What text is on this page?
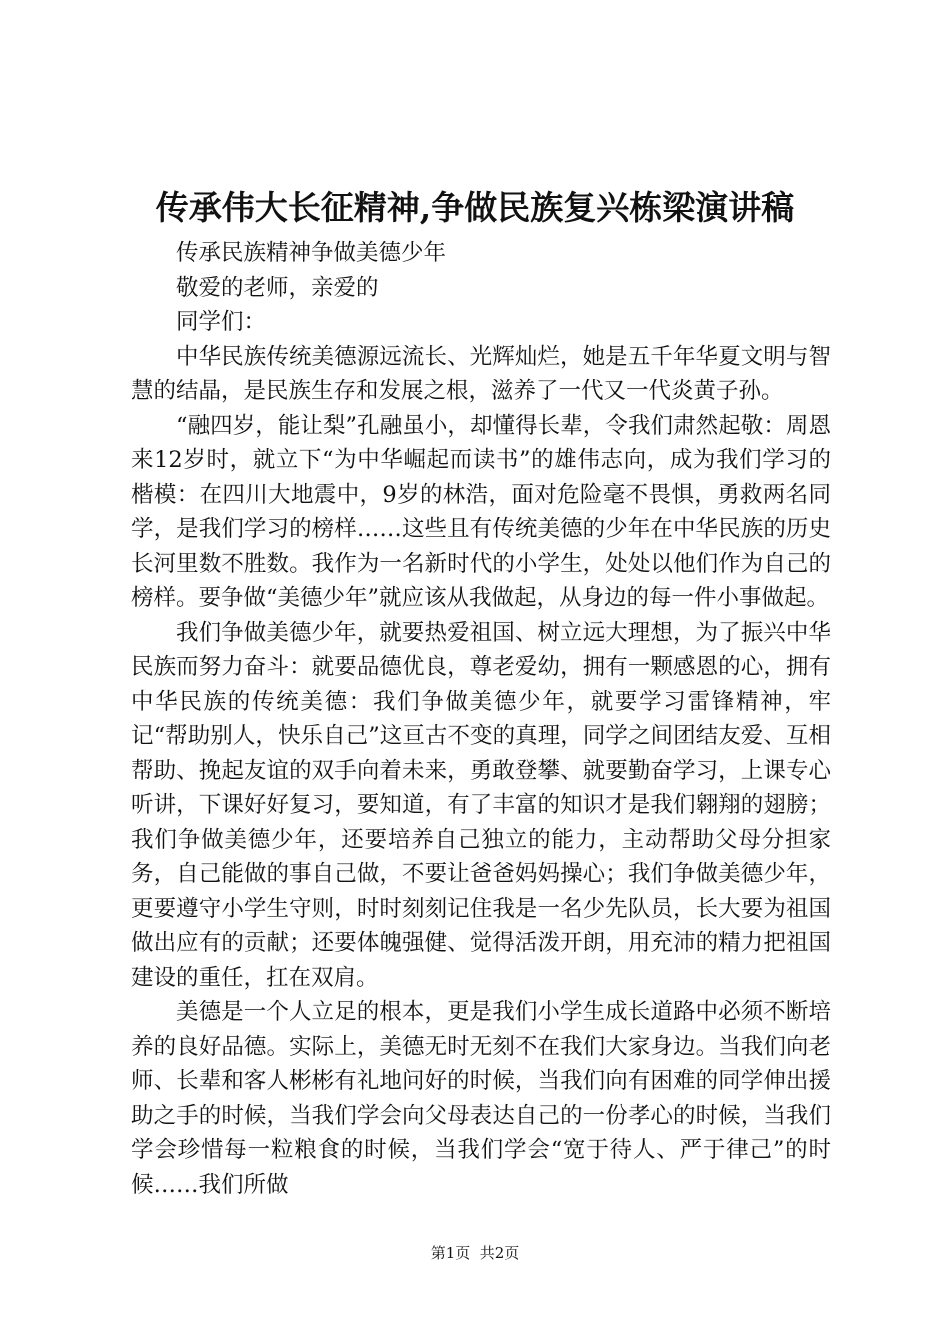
传承伟大长征精神,争做民族复兴栋梁演讲稿

传承民族精神争做美德少年

敬爱的老师，亲爱的

同学们：

中华民族传统美德源远流长、光辉灿烂，她是五千年华夏文明与智慧的结晶，是民族生存和发展之根，滋养了一代又一代炎黄子孙。

“融四岁，能让梨”孔融虽小，却懂得长辈，令我们肃然起敬：周恩来12岁时，就立下“为中华崛起而读书”的雄伟志向，成为我们学习的楷模：在四川大地震中，9岁的林浩，面对危险毫不畏惧，勇救两名同学，是我们学习的榜样……这些且有传统美德的少年在中华民族的历史长河里数不胜数。我作为一名新时代的小学生，处处以他们作为自己的榜样。要争做“美德少年”就应该从我做起，从身边的每一件小事做起。

我们争做美德少年，就要热爱祖国、树立远大理想，为了振兴中华民族而努力奋斗：就要品德优良，尊老爱幼，拥有一颗感恩的心，拥有中华民族的传统美德：我们争做美德少年，就要学习雷锋精神，牢记“帮助别人，快乐自己”这亘古不变的真理，同学之间团结友爱、互相帮助、挽起友谊的双手向着未来，勇敢登攀、就要勤奋学习，上课专心听讲，下课好好复习，要知道，有了丰富的知识才是我们翱翔的翅膀；我们争做美德少年，还要培养自己独立的能力，主动帮助父母分担家务，自己能做的事自己做，不要让爸爸妈妈操心；我们争做美德少年，更要遵守小学生守则，时时刻刻记住我是一名少先队员，长大要为祖国做出应有的贡献；还要体魄强健、觉得活泼开朗，用充沛的精力把祖国建设的重任，扛在双肩。

美德是一个人立足的根本，更是我们小学生成长道路中必须不断培养的良好品德。实际上，美德无时无刻不在我们大家身边。当我们向老师、长辈和客人彬彬有礼地问好的时候，当我们向有困难的同学伸出援助之手的时候，当我们学会向父母表达自己的一份孝心的时候，当我们学会珍惜每一粒粮食的时候，当我们学会“宽于待人、严于律己”的时候……我们所做

第1页  共2页
